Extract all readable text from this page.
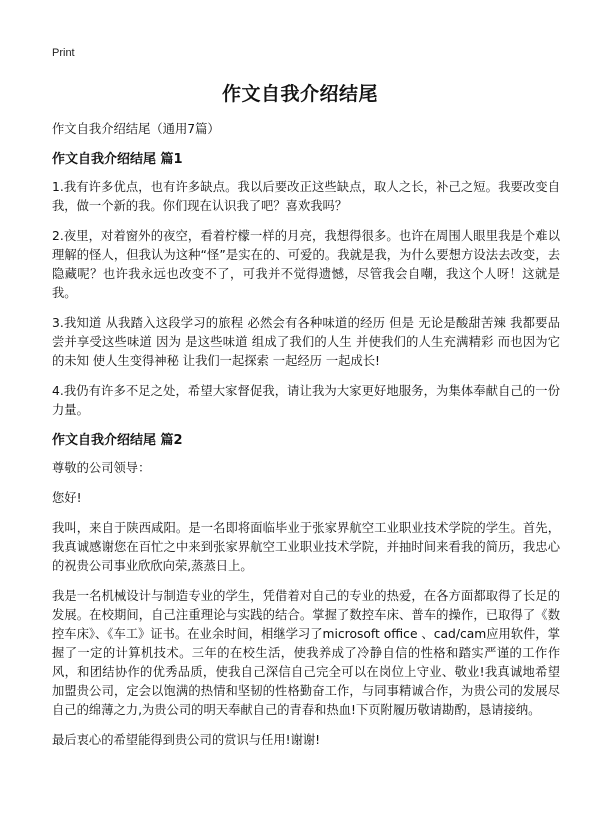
Print
作文自我介绍结尾

作文自我介绍结尾（通用7篇）

作文自我介绍结尾 篇1

1.我有许多优点，也有许多缺点。我以后要改正这些缺点，取人之长，补己之短。我要改变自我，做一个新的我。你们现在认识我了吧？喜欢我吗？

2.夜里，对着窗外的夜空，看着柠檬一样的月亮，我想得很多。也许在周围人眼里我是个难以理解的怪人，但我认为这种“怪”是实在的、可爱的。我就是我，为什么要想方设法去改变，去隐藏呢？也许我永远也改变不了，可我并不觉得遗憾，尽管我会自嘲，我这个人呀！这就是我。

3.我知道 从我踏入这段学习的旅程 必然会有各种味道的经历 但是 无论是酸甜苦辣 我都要品尝并享受这些味道 因为 是这些味道 组成了我们的人生 并使我们的人生充满精彩 而也因为它的未知 使人生变得神秘 让我们一起探索 一起经历 一起成长!

4.我仍有许多不足之处，希望大家督促我，请让我为大家更好地服务，为集体奉献自己的一份力量。

作文自我介绍结尾 篇2

尊敬的公司领导：

您好!

我叫，来自于陕西咸阳。是一名即将面临毕业于张家界航空工业职业技术学院的学生。首先，我真诚感谢您在百忙之中来到张家界航空工业职业技术学院，并抽时间来看我的简历，我忠心的祝贵公司事业欣欣向荣,蒸蒸日上。

我是一名机械设计与制造专业的学生，凭借着对自己的专业的热爱，在各方面都取得了长足的发展。在校期间，自己注重理论与实践的结合。掌握了数控车床、普车的操作，已取得了《数控车床》、《车工》证书。在业余时间，相继学习了microsoft office 、cad/cam应用软件，掌握了一定的计算机技术。三年的在校生活，使我养成了冷静自信的性格和踏实严谨的工作作风，和团结协作的优秀品质，使我自己深信自己完全可以在岗位上守业、敬业!我真诚地希望加盟贵公司，定会以饱满的热情和坚韧的性格勤奋工作，与同事精诚合作，为贵公司的发展尽自己的绵薄之力,为贵公司的明天奉献自己的青春和热血!下页附履历敬请勘酌，恳请接纳。

最后衷心的希望能得到贵公司的赏识与任用!谢谢!
